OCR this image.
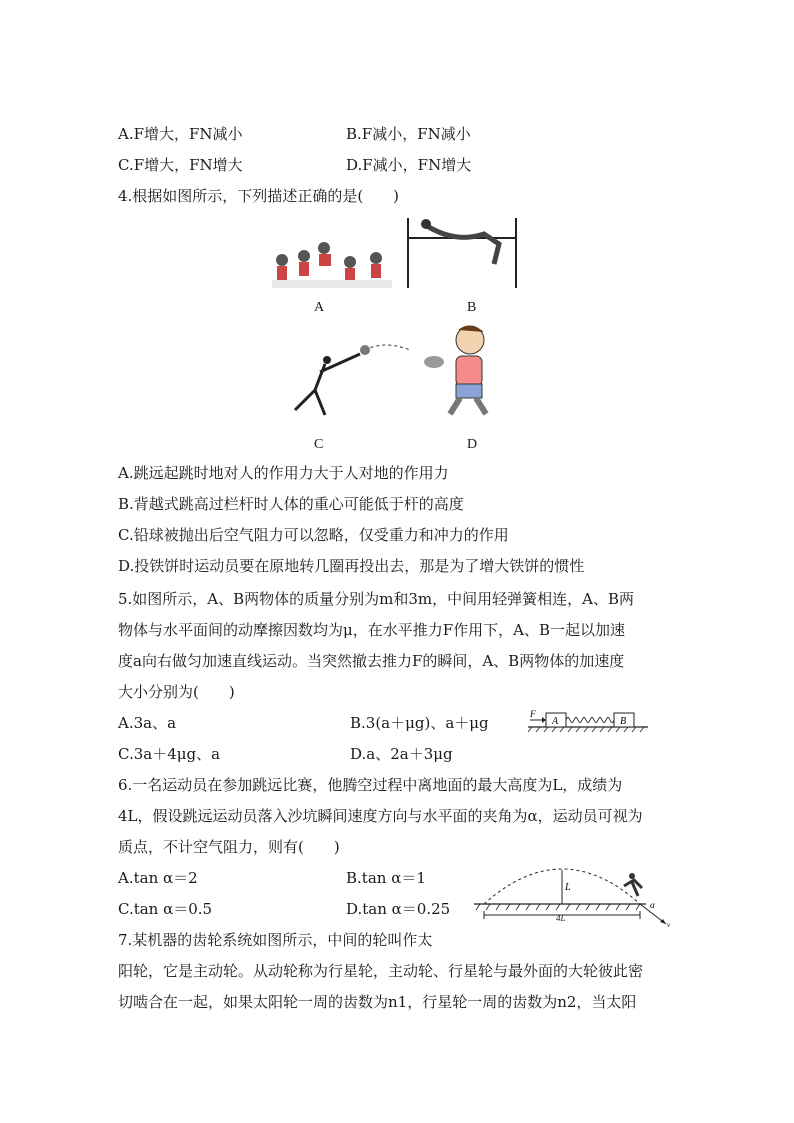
A.F增大，FN减小	B.F减小，FN减小
C.F增大，FN增大	D.F减小，FN增大
4.根据如图所示，下列描述正确的是(　　)
A	B
C	D
A.跳远起跳时地对人的作用力大于人对地的作用力
B.背越式跳高过栏杆时人体的重心可能低于杆的高度
C.铅球被抛出后空气阻力可以忽略，仅受重力和冲力的作用
D.投铁饼时运动员要在原地转几圈再投出去，那是为了增大铁饼的惯性
5.如图所示，A、B两物体的质量分别为m和3m，中间用轻弹簧相连，A、B两
物体与水平面间的动摩擦因数均为μ，在水平推力F作用下，A、B一起以加速
度a向右做匀加速直线运动。当突然撤去推力F的瞬间，A、B两物体的加速度
大小分别为(　　)
A.3a、a	B.3(a＋μg)、a＋μg
C.3a＋4μg、a	D.a、2a＋3μg
F
A	B
6.一名运动员在参加跳远比赛，他腾空过程中离地面的最大高度为L，成绩为
4L，假设跳远运动员落入沙坑瞬间速度方向与水平面的夹角为α，运动员可视为
质点，不计空气阻力，则有(　　)
A.tan α＝2	B.tan α＝1
C.tan α＝0.5	D.tan α＝0.25
L
4L
α
v
7.某机器的齿轮系统如图所示，中间的轮叫作太
阳轮，它是主动轮。从动轮称为行星轮，主动轮、行星轮与最外面的大轮彼此密
切啮合在一起，如果太阳轮一周的齿数为n1，行星轮一周的齿数为n2，当太阳
